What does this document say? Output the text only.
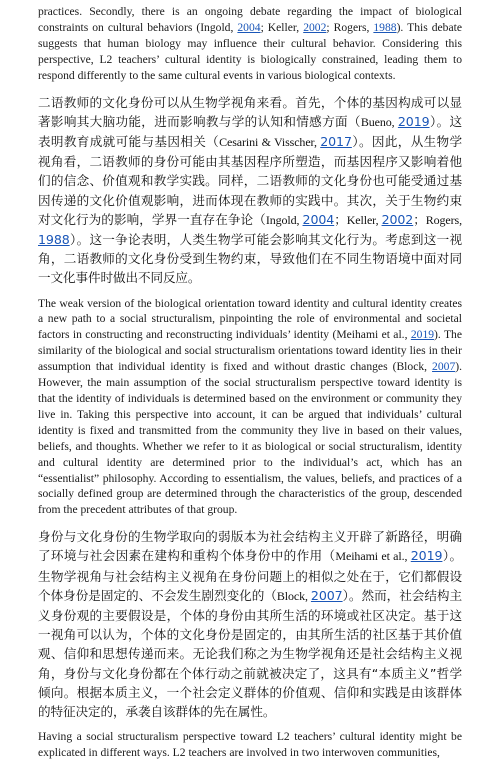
practices. Secondly, there is an ongoing debate regarding the impact of biological constraints on cultural behaviors (Ingold, 2004; Keller, 2002; Rogers, 1988). This debate suggests that human biology may influence their cultural behavior. Considering this perspective, L2 teachers’ cultural identity is biologically constrained, leading them to respond differently to the same cultural events in various biological contexts.

二语教师的文化身份可以从生物学视角来看。首先，个体的基因构成可以显著影响其大脑功能，进而影响教与学的认知和情感方面（Bueno, 2019）。这表明教育成就可能与基因相关（Cesarini & Visscher, 2017）。因此，从生物学视角看，二语教师的身份可能由其基因程序所塑造，而基因程序又影响着他们的信念、价值观和教学实践。同样，二语教师的文化身份也可能受通过基因传递的文化价值观影响，进而体现在教师的实践中。其次，关于生物约束对文化行为的影响，学界一直存在争论（Ingold, 2004；Keller, 2002；Rogers, 1988）。这一争论表明，人类生物学可能会影响其文化行为。考虑到这一视角，二语教师的文化身份受到生物约束，导致他们在不同生物语境中面对同一文化事件时做出不同反应。

The weak version of the biological orientation toward identity and cultural identity creates a new path to a social structuralism, pinpointing the role of environmental and societal factors in constructing and reconstructing individuals’ identity (Meihami et al., 2019). The similarity of the biological and social structuralism orientations toward identity lies in their assumption that individual identity is fixed and without drastic changes (Block, 2007). However, the main assumption of the social structuralism perspective toward identity is that the identity of individuals is determined based on the environment or community they live in. Taking this perspective into account, it can be argued that individuals’ cultural identity is fixed and transmitted from the community they live in based on their values, beliefs, and thoughts. Whether we refer to it as biological or social structuralism, identity and cultural identity are determined prior to the individual’s act, which has an “essentialist” philosophy. According to essentialism, the values, beliefs, and practices of a socially defined group are determined through the characteristics of the group, descended from the precedent attributes of that group.

身份与文化身份的生物学取向的弱版本为社会结构主义开辟了新路径，明确了环境与社会因素在建构和重构个体身份中的作用（Meihami et al., 2019）。生物学视角与社会结构主义视角在身份问题上的相似之处在于，它们都假设个体身份是固定的、不会发生剧烈变化的（Block, 2007）。然而，社会结构主义身份观的主要假设是，个体的身份由其所生活的环境或社区决定。基于这一视角可以认为，个体的文化身份是固定的，由其所生活的社区基于其价值观、信仰和思想传递而来。无论我们称之为生物学视角还是社会结构主义视角，身份与文化身份都在个体行动之前就被决定了，这具有“本质主义”哲学倾向。根据本质主义，一个社会定义群体的价值观、信仰和实践是由该群体的特征决定的，承袭自该群体的先在属性。

Having a social structuralism perspective toward L2 teachers’ cultural identity might be explicated in different ways. L2 teachers are involved in two interwoven communities,
